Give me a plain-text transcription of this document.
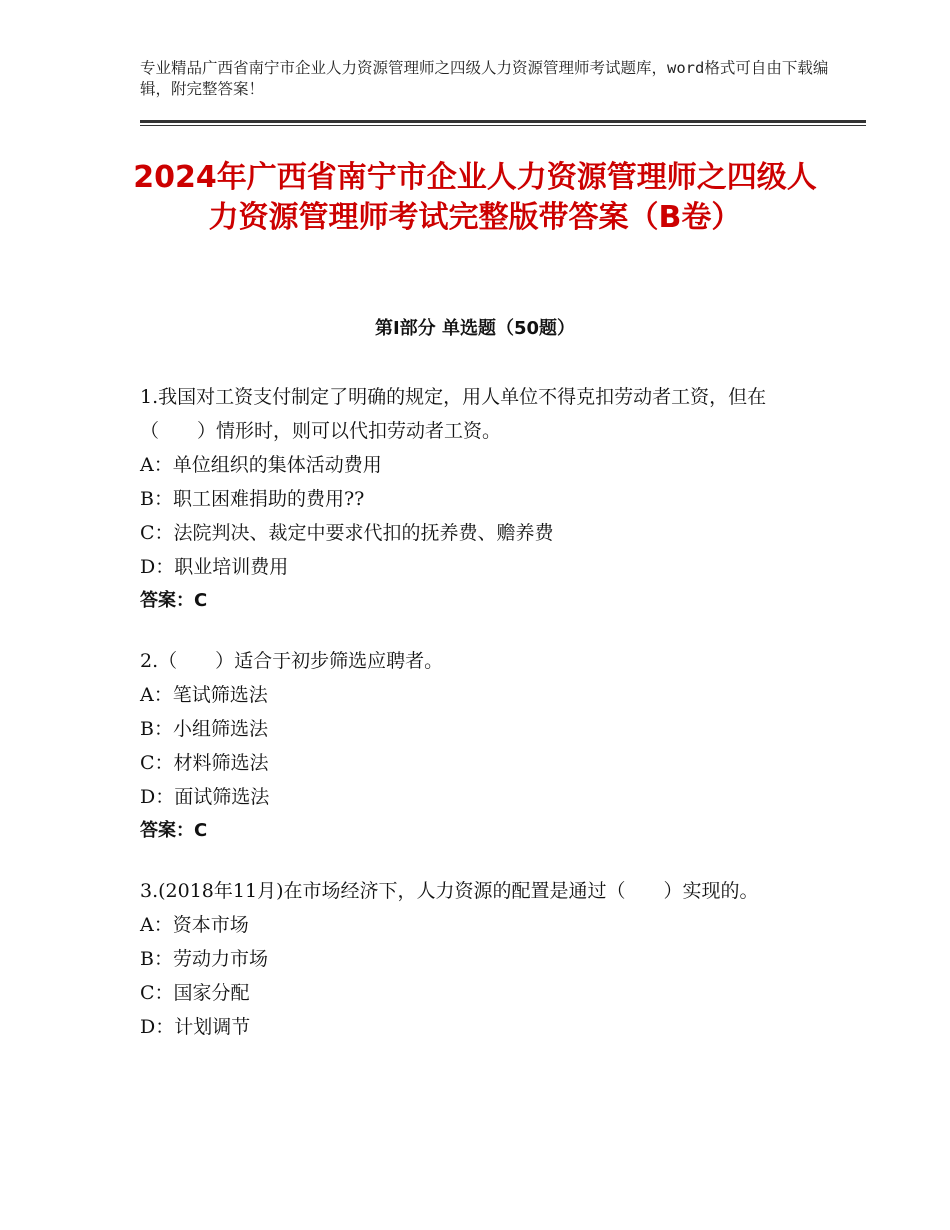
专业精品广西省南宁市企业人力资源管理师之四级人力资源管理师考试题库，word格式可自由下载编辑，附完整答案！
2024年广西省南宁市企业人力资源管理师之四级人力资源管理师考试完整版带答案（B卷）
第Ⅰ部分 单选题（50题）

1.我国对工资支付制定了明确的规定，用人单位不得克扣劳动者工资，但在（　　）情形时，则可以代扣劳动者工资。

A：单位组织的集体活动费用

B：职工困难捐助的费用??

C：法院判决、裁定中要求代扣的抚养费、赡养费

D：职业培训费用

答案：C

2.（　　）适合于初步筛选应聘者。

A：笔试筛选法

B：小组筛选法

C：材料筛选法

D：面试筛选法

答案：C

3.(2018年11月)在市场经济下，人力资源的配置是通过（　　）实现的。

A：资本市场

B：劳动力市场

C：国家分配

D：计划调节
